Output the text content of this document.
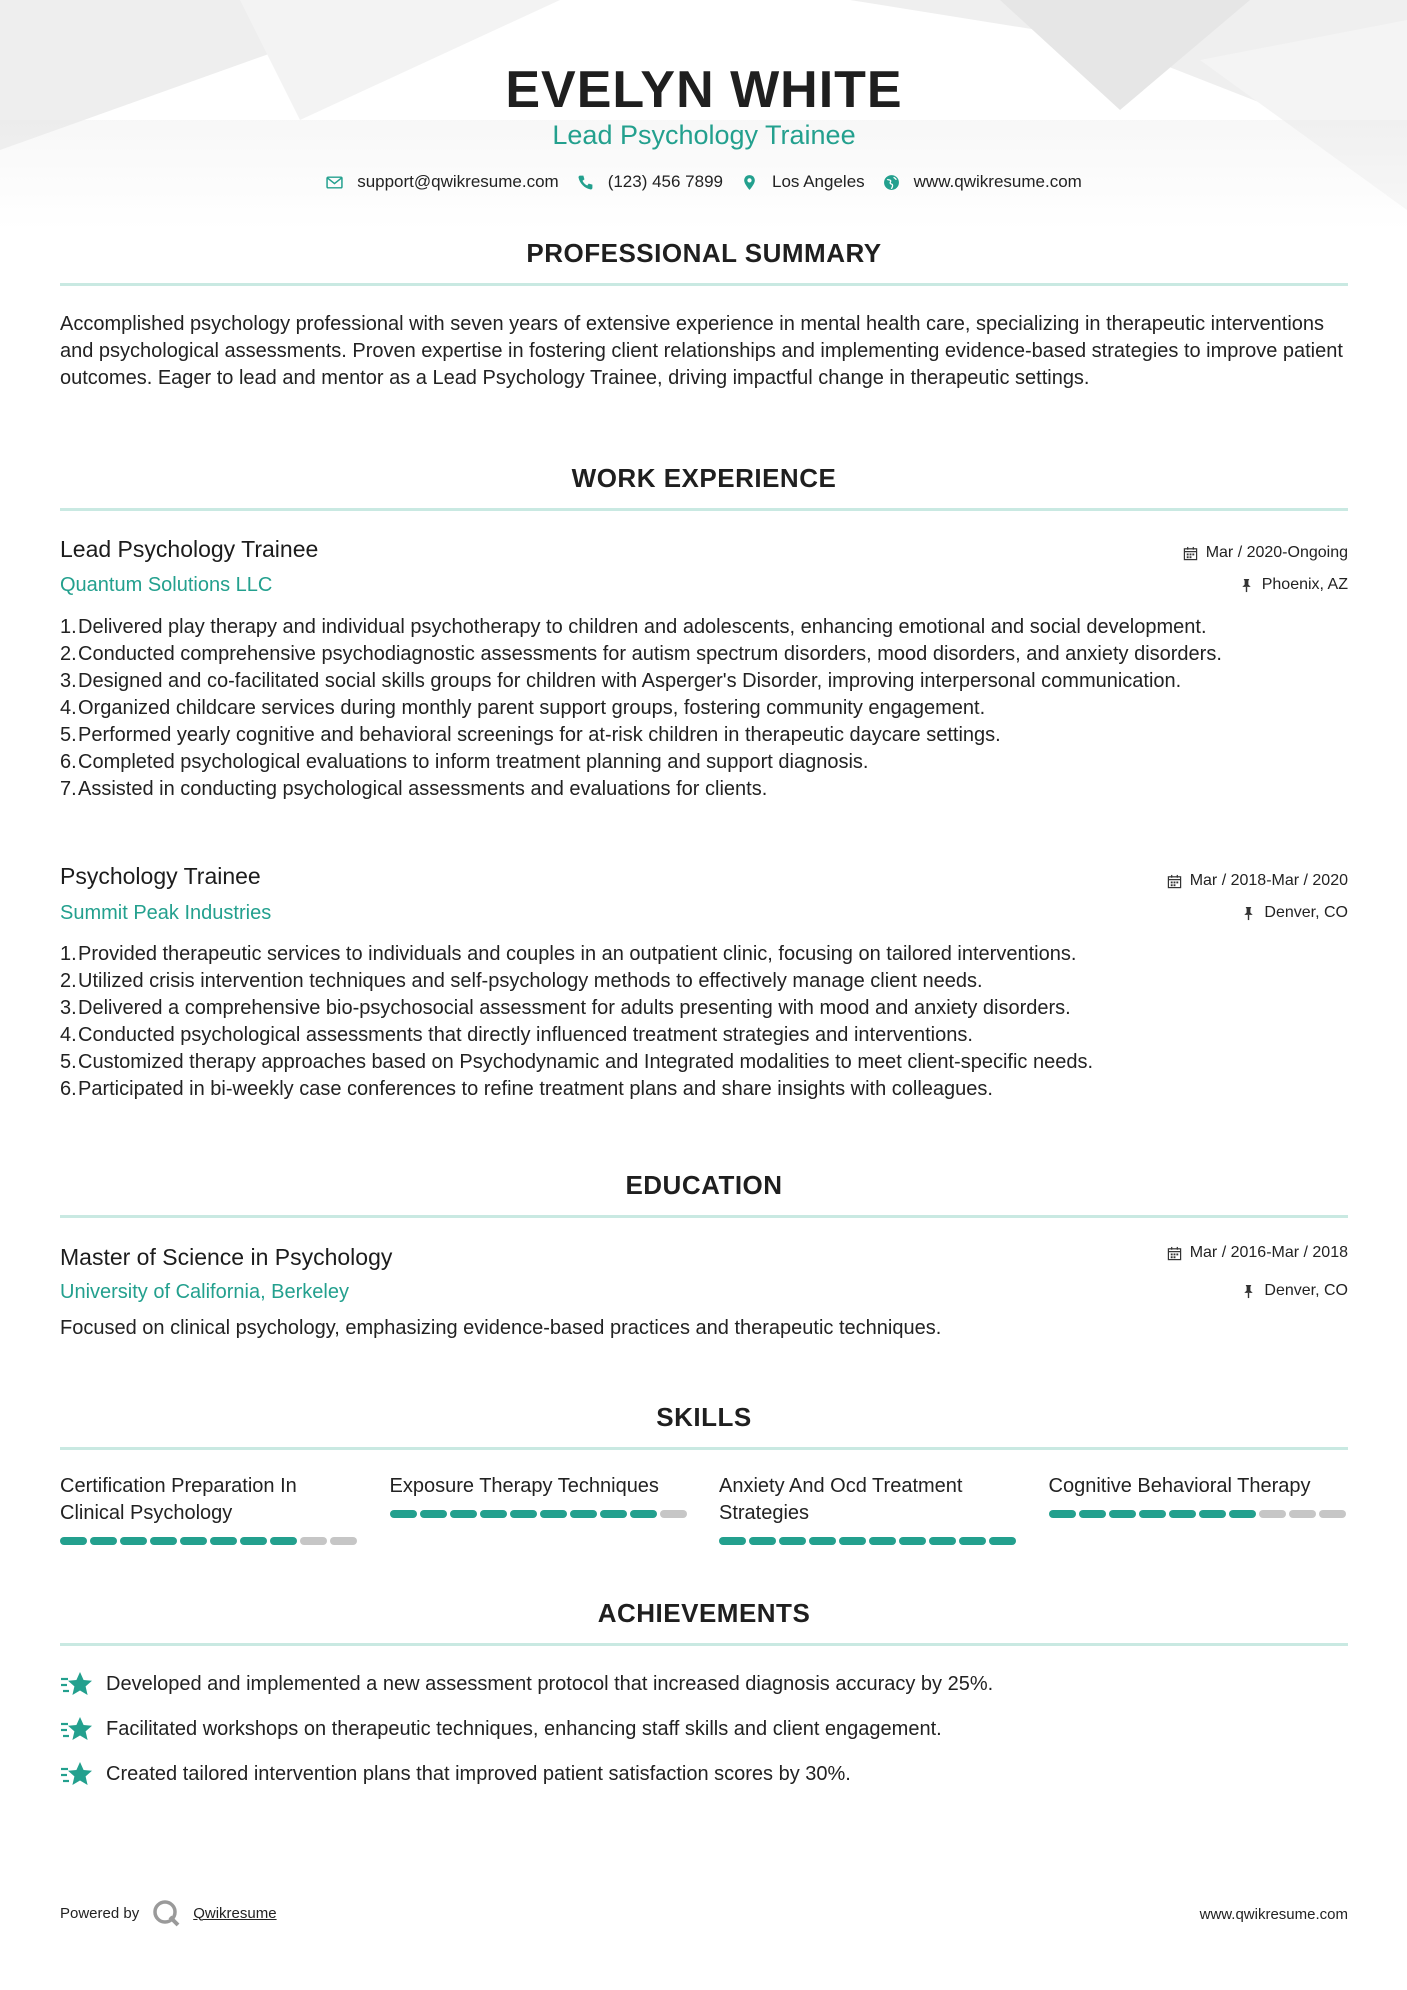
EVELYN WHITE
Lead Psychology Trainee
support@qwikresume.com	(123) 456 7899	Los Angeles	www.qwikresume.com
PROFESSIONAL SUMMARY
Accomplished psychology professional with seven years of extensive experience in mental health care, specializing in therapeutic interventions and psychological assessments. Proven expertise in fostering client relationships and implementing evidence-based strategies to improve patient outcomes. Eager to lead and mentor as a Lead Psychology Trainee, driving impactful change in therapeutic settings.
WORK EXPERIENCE
Lead Psychology Trainee	Mar / 2020-Ongoing
Quantum Solutions LLC	Phoenix, AZ
1. Delivered play therapy and individual psychotherapy to children and adolescents, enhancing emotional and social development.
2. Conducted comprehensive psychodiagnostic assessments for autism spectrum disorders, mood disorders, and anxiety disorders.
3. Designed and co-facilitated social skills groups for children with Asperger's Disorder, improving interpersonal communication.
4. Organized childcare services during monthly parent support groups, fostering community engagement.
5. Performed yearly cognitive and behavioral screenings for at-risk children in therapeutic daycare settings.
6. Completed psychological evaluations to inform treatment planning and support diagnosis.
7. Assisted in conducting psychological assessments and evaluations for clients.
Psychology Trainee	Mar / 2018-Mar / 2020
Summit Peak Industries	Denver, CO
1. Provided therapeutic services to individuals and couples in an outpatient clinic, focusing on tailored interventions.
2. Utilized crisis intervention techniques and self-psychology methods to effectively manage client needs.
3. Delivered a comprehensive bio-psychosocial assessment for adults presenting with mood and anxiety disorders.
4. Conducted psychological assessments that directly influenced treatment strategies and interventions.
5. Customized therapy approaches based on Psychodynamic and Integrated modalities to meet client-specific needs.
6. Participated in bi-weekly case conferences to refine treatment plans and share insights with colleagues.
EDUCATION
Master of Science in Psychology	Mar / 2016-Mar / 2018
University of California, Berkeley	Denver, CO
Focused on clinical psychology, emphasizing evidence-based practices and therapeutic techniques.
SKILLS
Certification Preparation In Clinical Psychology
Exposure Therapy Techniques	Anxiety And Ocd Treatment Strategies
Cognitive Behavioral Therapy
ACHIEVEMENTS
Developed and implemented a new assessment protocol that increased diagnosis accuracy by 25%.
Facilitated workshops on therapeutic techniques, enhancing staff skills and client engagement.
Created tailored intervention plans that improved patient satisfaction scores by 30%.
Powered by	Qwikresume	www.qwikresume.com
